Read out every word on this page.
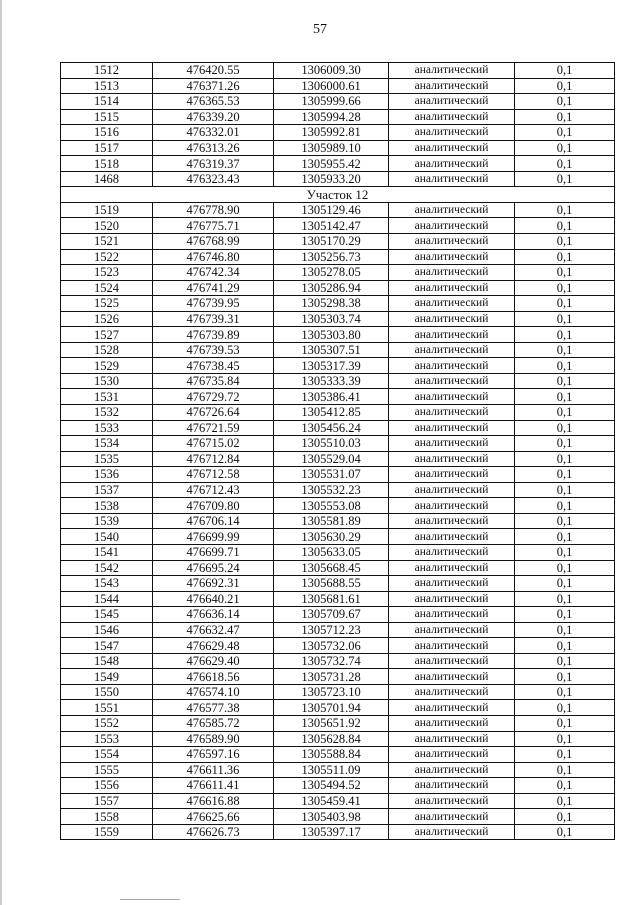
57
1512	476420.55	1306009.30	аналитический	0,1
1513	476371.26	1306000.61	аналитический	0,1
1514	476365.53	1305999.66	аналитический	0,1
1515	476339.20	1305994.28	аналитический	0,1
1516	476332.01	1305992.81	аналитический	0,1
1517	476313.26	1305989.10	аналитический	0,1
1518	476319.37	1305955.42	аналитический	0,1
1468	476323.43	1305933.20	аналитический	0,1
Участок 12				
1519	476778.90	1305129.46	аналитический	0,1
1520	476775.71	1305142.47	аналитический	0,1
1521	476768.99	1305170.29	аналитический	0,1
1522	476746.80	1305256.73	аналитический	0,1
1523	476742.34	1305278.05	аналитический	0,1
1524	476741.29	1305286.94	аналитический	0,1
1525	476739.95	1305298.38	аналитический	0,1
1526	476739.31	1305303.74	аналитический	0,1
1527	476739.89	1305303.80	аналитический	0,1
1528	476739.53	1305307.51	аналитический	0,1
1529	476738.45	1305317.39	аналитический	0,1
1530	476735.84	1305333.39	аналитический	0,1
1531	476729.72	1305386.41	аналитический	0,1
1532	476726.64	1305412.85	аналитический	0,1
1533	476721.59	1305456.24	аналитический	0,1
1534	476715.02	1305510.03	аналитический	0,1
1535	476712.84	1305529.04	аналитический	0,1
1536	476712.58	1305531.07	аналитический	0,1
1537	476712.43	1305532.23	аналитический	0,1
1538	476709.80	1305553.08	аналитический	0,1
1539	476706.14	1305581.89	аналитический	0,1
1540	476699.99	1305630.29	аналитический	0,1
1541	476699.71	1305633.05	аналитический	0,1
1542	476695.24	1305668.45	аналитический	0,1
1543	476692.31	1305688.55	аналитический	0,1
1544	476640.21	1305681.61	аналитический	0,1
1545	476636.14	1305709.67	аналитический	0,1
1546	476632.47	1305712.23	аналитический	0,1
1547	476629.48	1305732.06	аналитический	0,1
1548	476629.40	1305732.74	аналитический	0,1
1549	476618.56	1305731.28	аналитический	0,1
1550	476574.10	1305723.10	аналитический	0,1
1551	476577.38	1305701.94	аналитический	0,1
1552	476585.72	1305651.92	аналитический	0,1
1553	476589.90	1305628.84	аналитический	0,1
1554	476597.16	1305588.84	аналитический	0,1
1555	476611.36	1305511.09	аналитический	0,1
1556	476611.41	1305494.52	аналитический	0,1
1557	476616.88	1305459.41	аналитический	0,1
1558	476625.66	1305403.98	аналитический	0,1
1559	476626.73	1305397.17	аналитический	0,1
